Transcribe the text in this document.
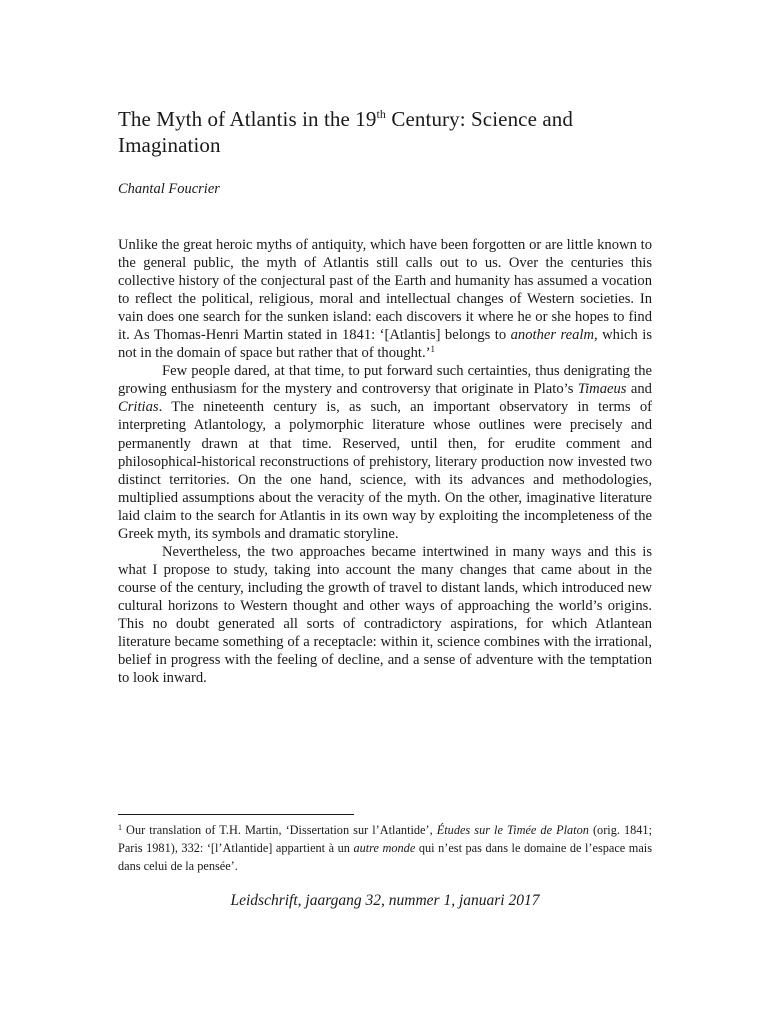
The Myth of Atlantis in the 19th Century: Science and Imagination

Chantal Foucrier

Unlike the great heroic myths of antiquity, which have been forgotten or are little known to the general public, the myth of Atlantis still calls out to us. Over the centuries this collective history of the conjectural past of the Earth and humanity has assumed a vocation to reflect the political, religious, moral and intellectual changes of Western societies. In vain does one search for the sunken island: each discovers it where he or she hopes to find it. As Thomas-Henri Martin stated in 1841: ‘[Atlantis] belongs to another realm, which is not in the domain of space but rather that of thought.’$^1$

Few people dared, at that time, to put forward such certainties, thus denigrating the growing enthusiasm for the mystery and controversy that originate in Plato’s Timaeus and Critias. The nineteenth century is, as such, an important observatory in terms of interpreting Atlantology, a polymorphic literature whose outlines were precisely and permanently drawn at that time. Reserved, until then, for erudite comment and philosophical-historical reconstructions of prehistory, literary production now invested two distinct territories. On the one hand, science, with its advances and methodologies, multiplied assumptions about the veracity of the myth. On the other, imaginative literature laid claim to the search for Atlantis in its own way by exploiting the incompleteness of the Greek myth, its symbols and dramatic storyline.

Nevertheless, the two approaches became intertwined in many ways and this is what I propose to study, taking into account the many changes that came about in the course of the century, including the growth of travel to distant lands, which introduced new cultural horizons to Western thought and other ways of approaching the world’s origins. This no doubt generated all sorts of contradictory aspirations, for which Atlantean literature became something of a receptacle: within it, science combines with the irrational, belief in progress with the feeling of decline, and a sense of adventure with the temptation to look inward.

$^1$ Our translation of T.H. Martin, ‘Dissertation sur l’Atlantide’, Études sur le Timée de Platon (orig. 1841; Paris 1981), 332: ‘[l’Atlantide] appartient à un autre monde qui n’est pas dans le domaine de l’espace mais dans celui de la pensée’.

Leidschrift, jaargang 32, nummer 1, januari 2017
